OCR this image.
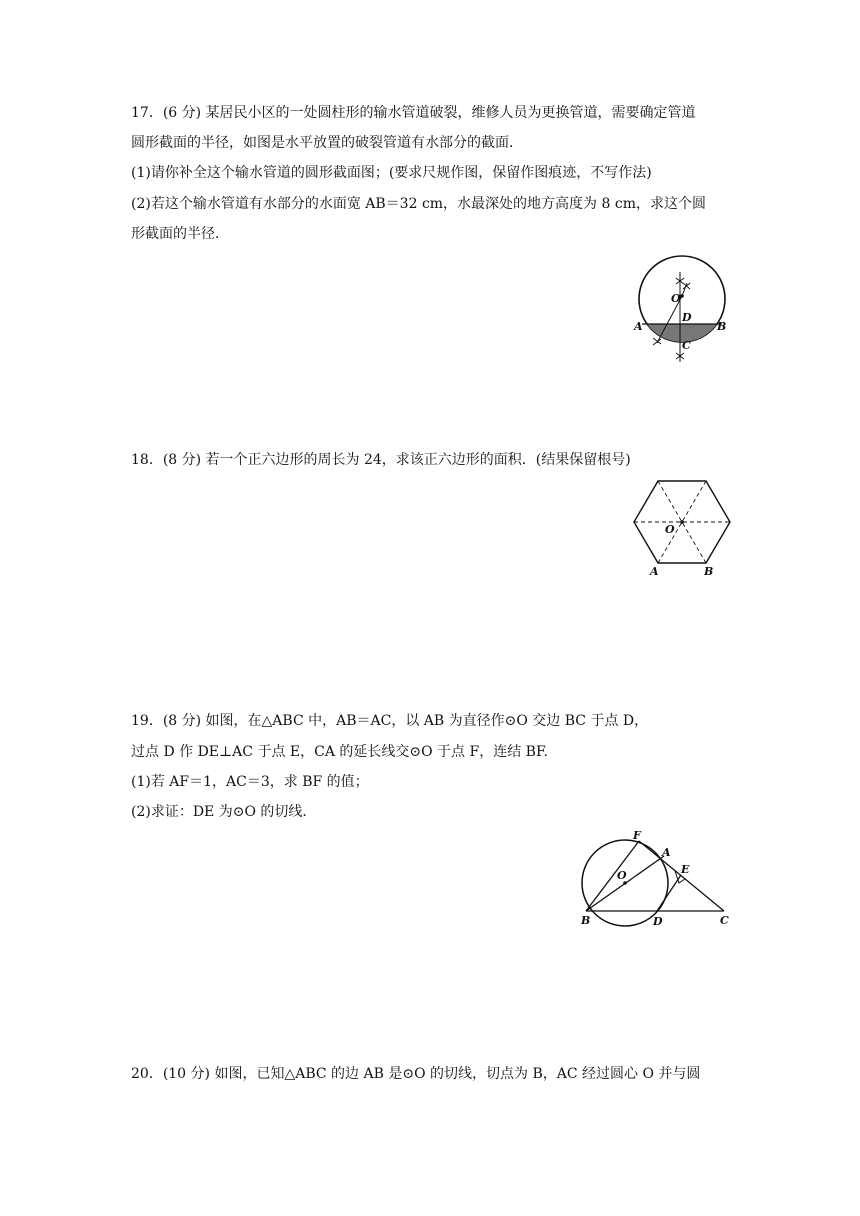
17．(6 分) 某居民小区的一处圆柱形的输水管道破裂，维修人员为更换管道，需要确定管道
圆形截面的半径，如图是水平放置的破裂管道有水部分的截面．
(1)请你补全这个输水管道的圆形截面图；(要求尺规作图，保留作图痕迹，不写作法)
(2)若这个输水管道有水部分的水面宽 AB＝32 cm，水最深处的地方高度为 8 cm，求这个圆
形截面的半径．
O
A	B
D
C
18．(8 分) 若一个正六边形的周长为 24，求该正六边形的面积．(结果保留根号)
O
A	B
19．(8 分) 如图，在△ABC 中，AB＝AC，以 AB 为直径作⊙O 交边 BC 于点 D，
过点 D 作 DE⊥AC 于点 E，CA 的延长线交⊙O 于点 F，连结 BF.
(1)若 AF＝1，AC＝3，求 BF 的值；
(2)求证：DE 为⊙O 的切线．
F
A
E
O
B	D	C
20．(10 分) 如图，已知△ABC 的边 AB 是⊙O 的切线，切点为 B，AC 经过圆心 O 并与圆
